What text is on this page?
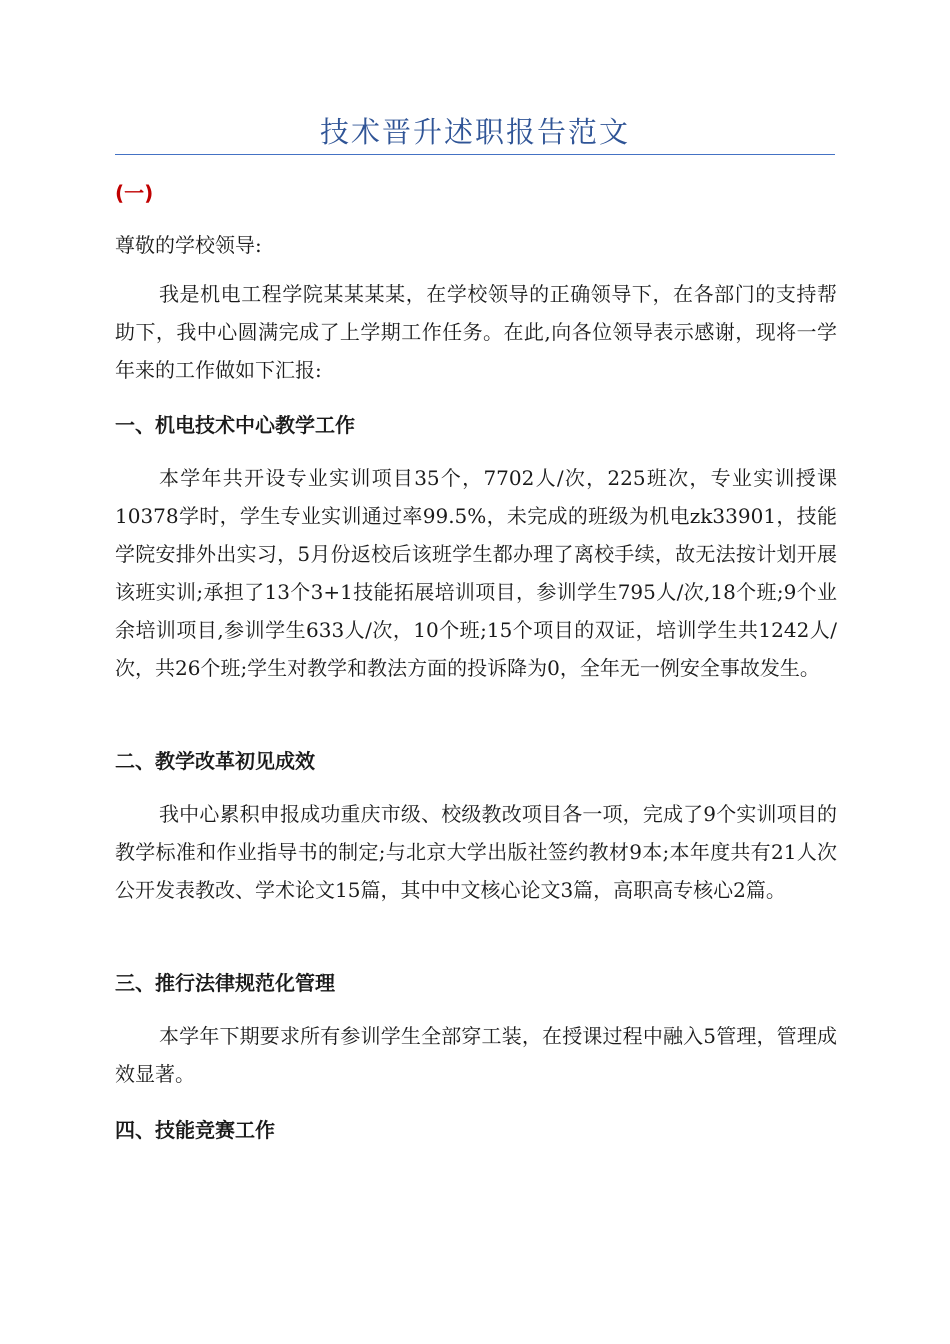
技术晋升述职报告范文
(一)

尊敬的学校领导:

我是机电工程学院某某某某，在学校领导的正确领导下，在各部门的支持帮助下，我中心圆满完成了上学期工作任务。在此,向各位领导表示感谢，现将一学年来的工作做如下汇报:

一、机电技术中心教学工作

本学年共开设专业实训项目35个，7702人/次，225班次，专业实训授课10378学时，学生专业实训通过率99.5%，未完成的班级为机电zk33901，技能学院安排外出实习，5月份返校后该班学生都办理了离校手续，故无法按计划开展该班实训;承担了13个3+1技能拓展培训项目，参训学生795人/次,18个班;9个业余培训项目,参训学生633人/次，10个班;15个项目的双证，培训学生共1242人/次，共26个班;学生对教学和教法方面的投诉降为0，全年无一例安全事故发生。

二、教学改革初见成效

我中心累积申报成功重庆市级、校级教改项目各一项，完成了9个实训项目的教学标准和作业指导书的制定;与北京大学出版社签约教材9本;本年度共有21人次公开发表教改、学术论文15篇，其中中文核心论文3篇，高职高专核心2篇。

三、推行法律规范化管理

本学年下期要求所有参训学生全部穿工装，在授课过程中融入5管理，管理成效显著。

四、技能竞赛工作
